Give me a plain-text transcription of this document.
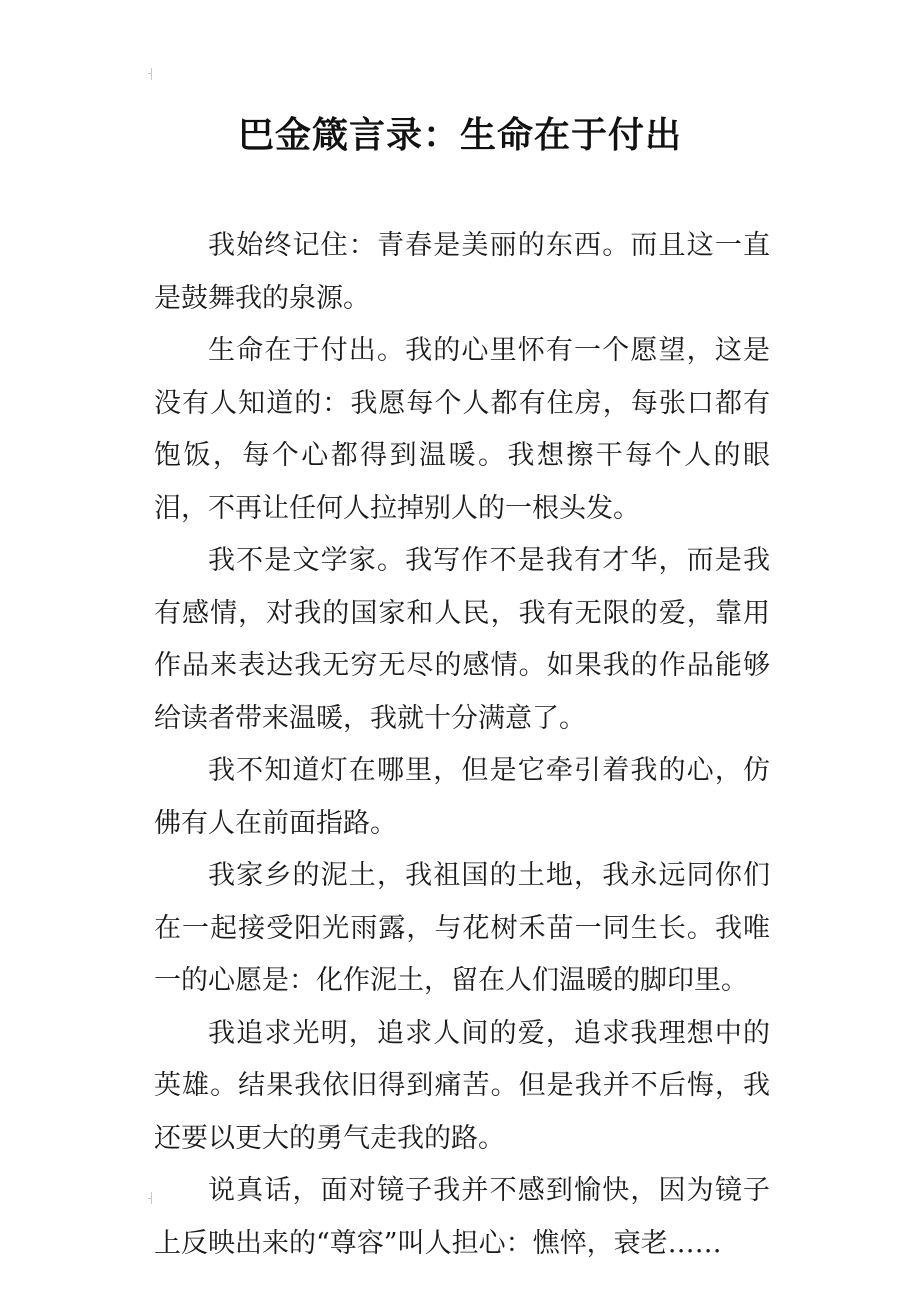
巴金箴言录：生命在于付出

我始终记住：青春是美丽的东西。而且这一直是鼓舞我的泉源。

生命在于付出。我的心里怀有一个愿望，这是没有人知道的：我愿每个人都有住房，每张口都有饱饭，每个心都得到温暖。我想擦干每个人的眼泪，不再让任何人拉掉别人的一根头发。

我不是文学家。我写作不是我有才华，而是我有感情，对我的国家和人民，我有无限的爱，靠用作品来表达我无穷无尽的感情。如果我的作品能够给读者带来温暖，我就十分满意了。

我不知道灯在哪里，但是它牵引着我的心，仿佛有人在前面指路。

我家乡的泥土，我祖国的土地，我永远同你们在一起接受阳光雨露，与花树禾苗一同生长。我唯一的心愿是：化作泥土，留在人们温暖的脚印里。

我追求光明，追求人间的爱，追求我理想中的英雄。结果我依旧得到痛苦。但是我并不后悔，我还要以更大的勇气走我的路。

说真话，面对镜子我并不感到愉快，因为镜子上反映出来的“尊容”叫人担心：憔悴，衰老……
